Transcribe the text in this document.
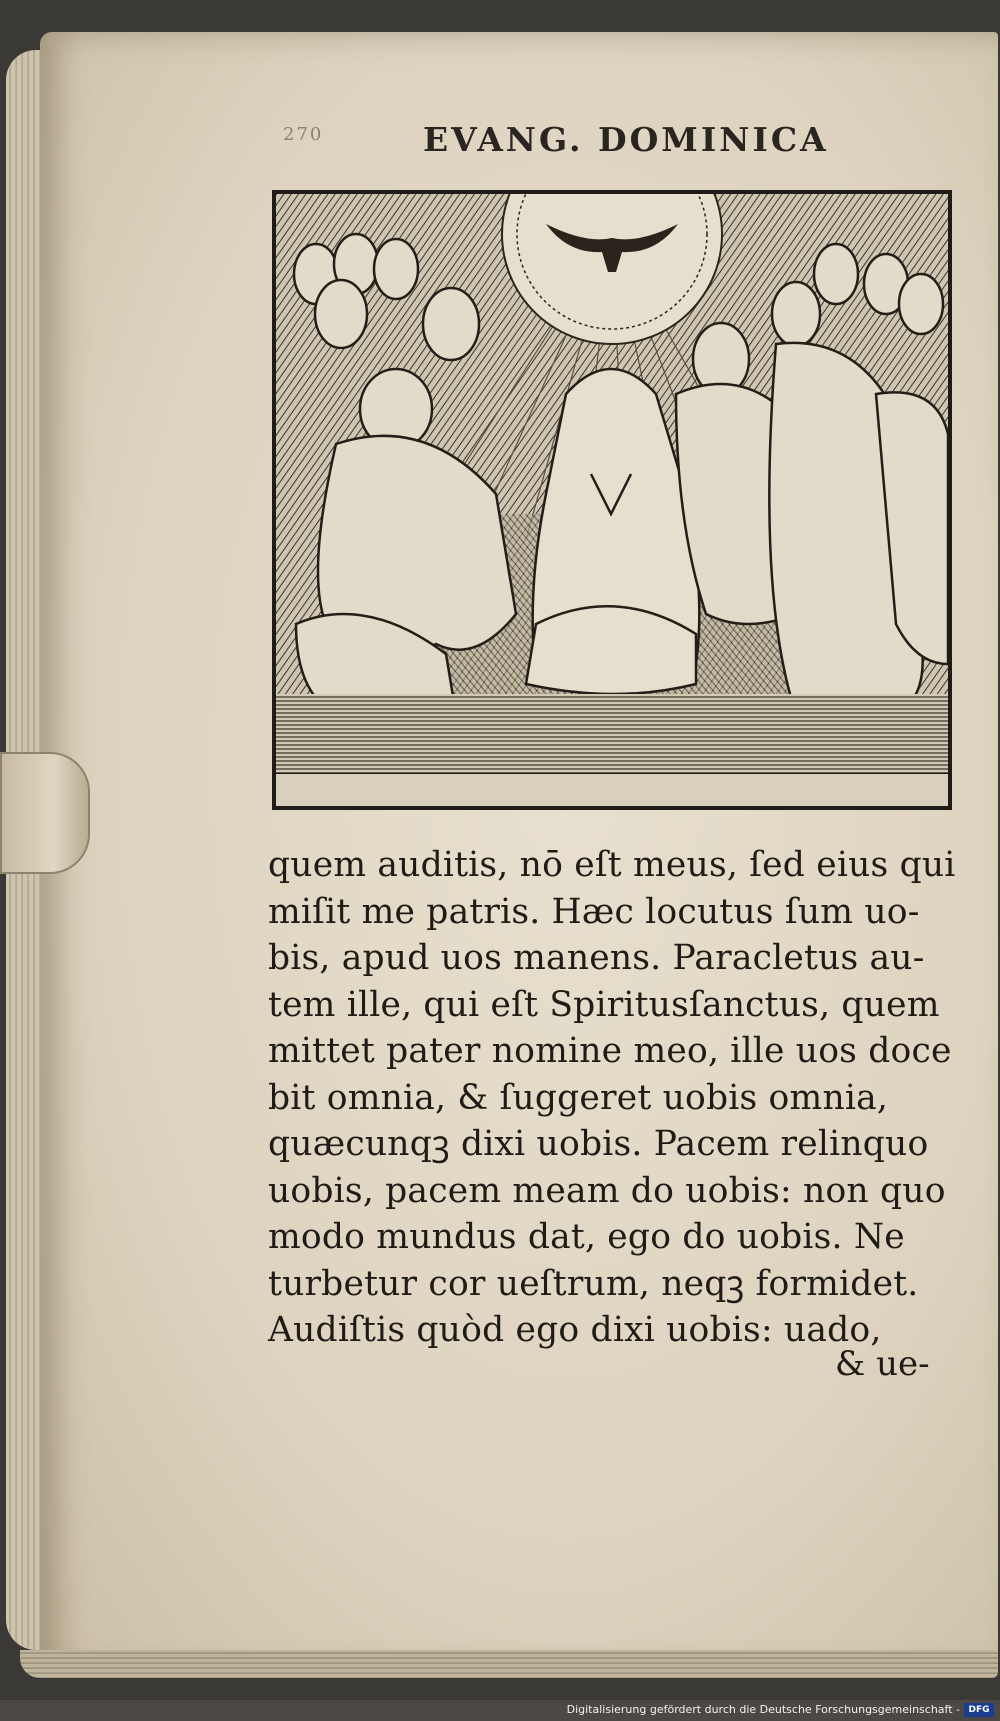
270	EVANG. DOMINICA
quem auditis, nō eſt meus, ſed eius qui
miſit me patris. Hæc locutus ſum uo-
bis, apud uos manens. Paracletus au-
tem ille, qui eſt Spiritusſanctus, quem
mittet pater nomine meo, ille uos doce
bit omnia, & ſuggeret uobis omnia,
quæcunqꝫ dixi uobis. Pacem relinquo
uobis, pacem meam do uobis: non quo
modo mundus dat, ego do uobis. Ne
turbetur cor ueſtrum, neqꝫ formidet.
Audiſtis quòd ego dixi uobis: uado,
& ue-
Digitalisierung gefördert durch die Deutsche Forschungsgemeinschaft - DFG
